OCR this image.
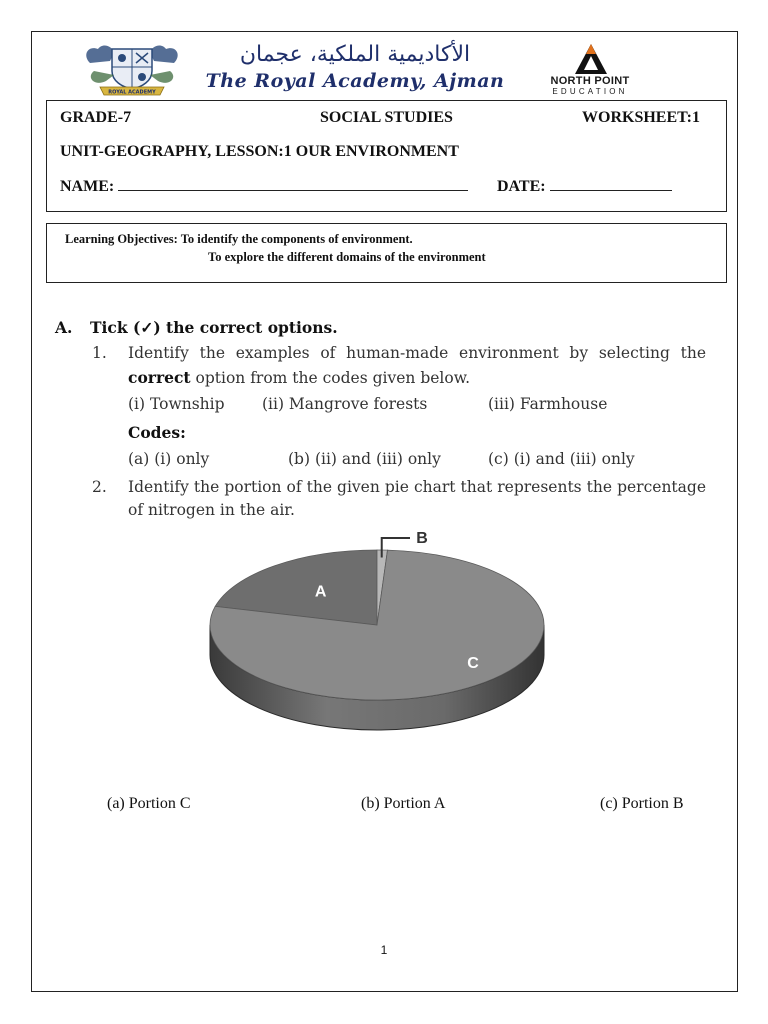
ROYAL ACADEMY
الأكاديمية الملكية، عجمان
The Royal Academy, Ajman	NORTH POINT
EDUCATION
GRADE-7	SOCIAL STUDIES	WORKSHEET:1
UNIT-GEOGRAPHY, LESSON:1 OUR ENVIRONMENT
NAME:	DATE:
Learning Objectives: To identify the components of environment.
To explore the different domains of the environment
A. Tick (✓) the correct options.
1. Identify the examples of human-made environment by selecting the
correct option from the codes given below.
(i) Township (ii) Mangrove forests	(iii) Farmhouse
Codes:
(a) (i) only	(b) (ii) and (iii) only	(c) (i) and (iii) only
2. Identify the portion of the given pie chart that represents the percentage
of nitrogen in the air.
A
B
C
(a) Portion C	(b) Portion A	(c) Portion B
1
